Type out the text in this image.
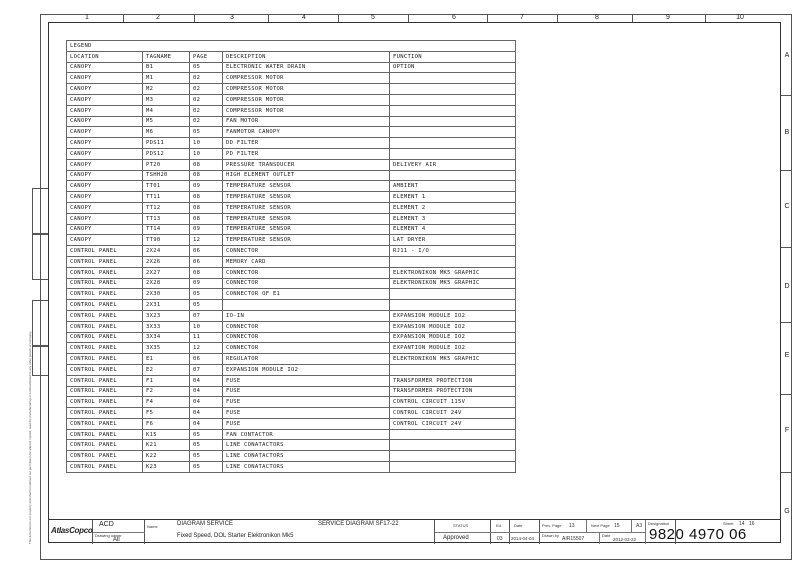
1	2	3	4	5	6	7	8	9	10
A
B
C
D
E
F
G
This document is our property and shall not without our permission be altered, copied, used for manufacturing or communicated to any other person or company.
LEGEND				
LOCATION	TAGNAME	PAGE	DESCRIPTION	FUNCTION
CANOPY	B1	05	ELECTRONIC WATER DRAIN	OPTION
CANOPY	M1	02	COMPRESSOR MOTOR	
CANOPY	M2	02	COMPRESSOR MOTOR	
CANOPY	M3	02	COMPRESSOR MOTOR	
CANOPY	M4	02	COMPRESSOR MOTOR	
CANOPY	M5	02	FAN MOTOR	
CANOPY	M6	05	FANMOTOR CANOPY	
CANOPY	PDS11	10	DD FILTER	
CANOPY	PDS12	10	PD FILTER	
CANOPY	PT20	08	PRESSURE TRANSDUCER	DELIVERY AIR
CANOPY	TSHH20	08	HIGH ELEMENT OUTLET	
CANOPY	TT01	09	TEMPERATURE SENSOR	AMBIENT
CANOPY	TT11	08	TEMPERATURE SENSOR	ELEMENT 1
CANOPY	TT12	08	TEMPERATURE SENSOR	ELEMENT 2
CANOPY	TT13	08	TEMPERATURE SENSOR	ELEMENT 3
CANOPY	TT14	09	TEMPERATURE SENSOR	ELEMENT 4
CANOPY	TT90	12	TEMPERATURE SENSOR	LAT DRYER
CONTROL PANEL	2X24	06	CONNECTOR	RJ11 - I/O
CONTROL PANEL	2X26	06	MEMORY CARD	
CONTROL PANEL	2X27	08	CONNECTOR	ELEKTRONIKON MK5 GRAPHIC
CONTROL PANEL	2X28	09	CONNECTOR	ELEKTRONIKON MK5 GRAPHIC
CONTROL PANEL	2X30	05	CONNECTOR OF E1	
CONTROL PANEL	2X31	05		
CONTROL PANEL	3X23	07	IO-IN	EXPANSION MODULE IO2
CONTROL PANEL	3X33	10	CONNECTOR	EXPANSION MODULE IO2
CONTROL PANEL	3X34	11	CONNECTOR	EXPANSION MODULE IO2
CONTROL PANEL	3X35	12	CONNECTOR	EXPANTION MODULE IO2
CONTROL PANEL	E1	06	REGULATOR	ELEKTRONIKON MK5 GRAPHIC
CONTROL PANEL	E2	07	EXPANSION MODULE IO2	
CONTROL PANEL	F1	04	FUSE	TRANSFORMER PROTECTION
CONTROL PANEL	F2	04	FUSE	TRANSFORMER PROTECTION
CONTROL PANEL	F4	04	FUSE	CONTROL CIRCUIT 115V
CONTROL PANEL	F5	04	FUSE	CONTROL CIRCUIT 24V
CONTROL PANEL	F6	04	FUSE	CONTROL CIRCUIT 24V
CONTROL PANEL	K15	05	FAN CONTACTOR	
CONTROL PANEL	K21	05	LINE CONATACTORS	
CONTROL PANEL	K22	05	LINE CONATACTORS	
CONTROL PANEL	K23	05	LINE CONATACTORS	
AtlasCopco
ACD
Drawing owner
All
Name	DIAGRAM SERVICE	SERVICE DIAGRAM SF17-22
Fixed Speed, DOL Starter Elektronikon Mk5
STATUS
Approved
Ed.
03
Date
2014-04-04
Prev. Page 13	Next Page 15	A3
Drawn by
AIR15507
Date
2012-03-22
Designation	Sheet 14 16
9820 4970 06
